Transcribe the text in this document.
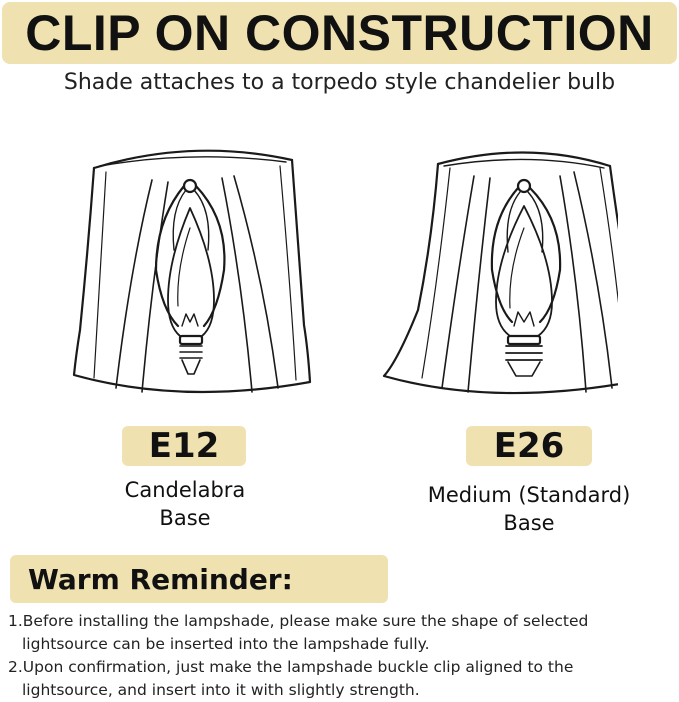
CLIP ON CONSTRUCTION
Shade attaches to a torpedo style chandelier bulb
E12	E26
Candelabra
Base
Medium (Standard)
Base
Warm Reminder:
1.Before installing the lampshade, please make sure the shape of selected
lightsource can be inserted into the lampshade fully.
2.Upon confirmation, just make the lampshade buckle clip aligned to the
lightsource, and insert into it with slightly strength.
